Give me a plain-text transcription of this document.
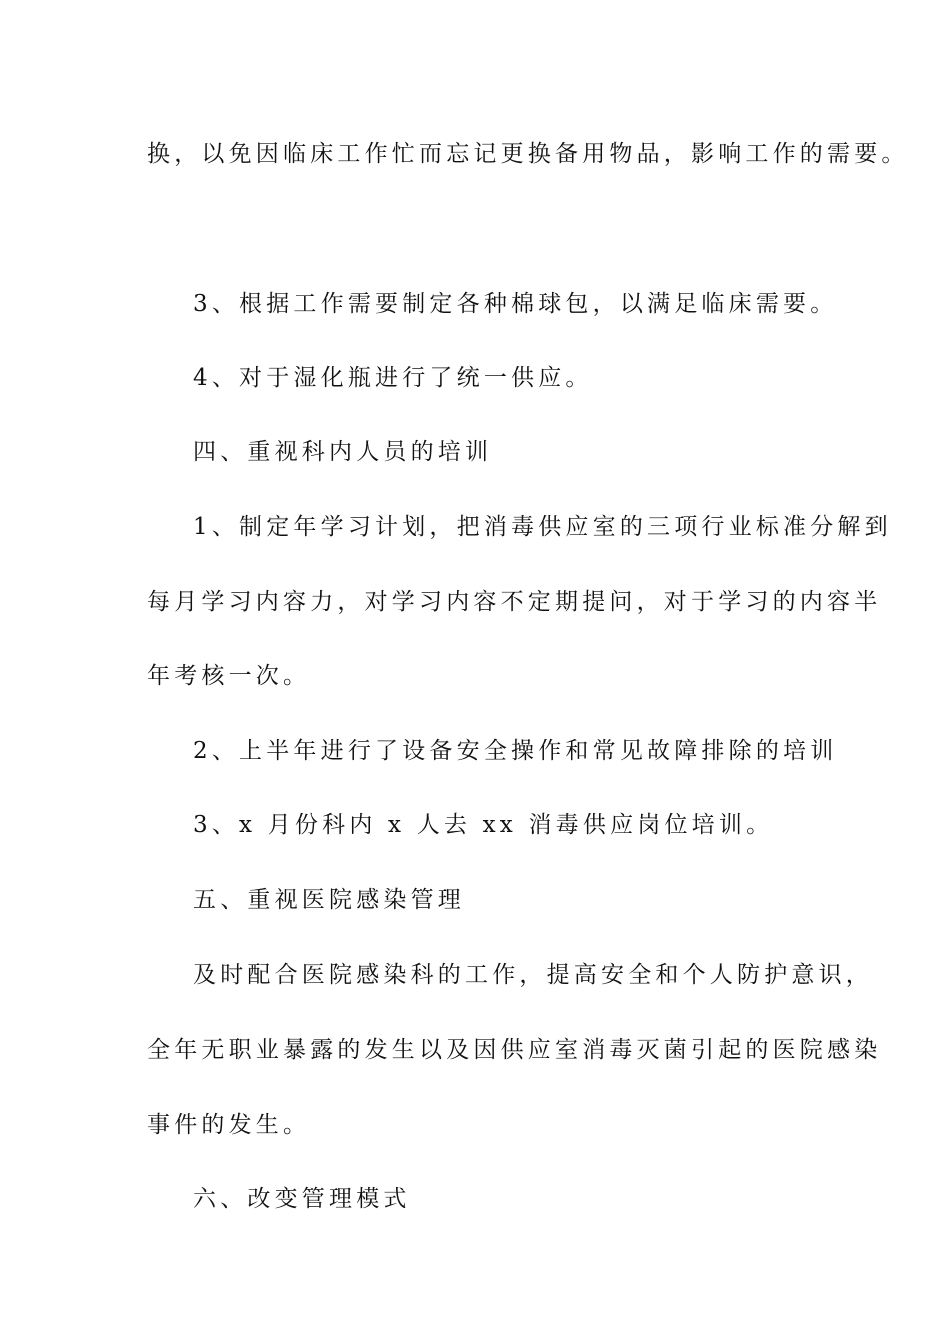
换，以免因临床工作忙而忘记更换备用物品，影响工作的需要。
3、根据工作需要制定各种棉球包，以满足临床需要。
4、对于湿化瓶进行了统一供应。
四、重视科内人员的培训
1、制定年学习计划，把消毒供应室的三项行业标准分解到
每月学习内容力，对学习内容不定期提问，对于学习的内容半
年考核一次。
2、上半年进行了设备安全操作和常见故障排除的培训
3、x 月份科内 x 人去 xx 消毒供应岗位培训。
五、重视医院感染管理
及时配合医院感染科的工作，提高安全和个人防护意识，
全年无职业暴露的发生以及因供应室消毒灭菌引起的医院感染
事件的发生。
六、改变管理模式
